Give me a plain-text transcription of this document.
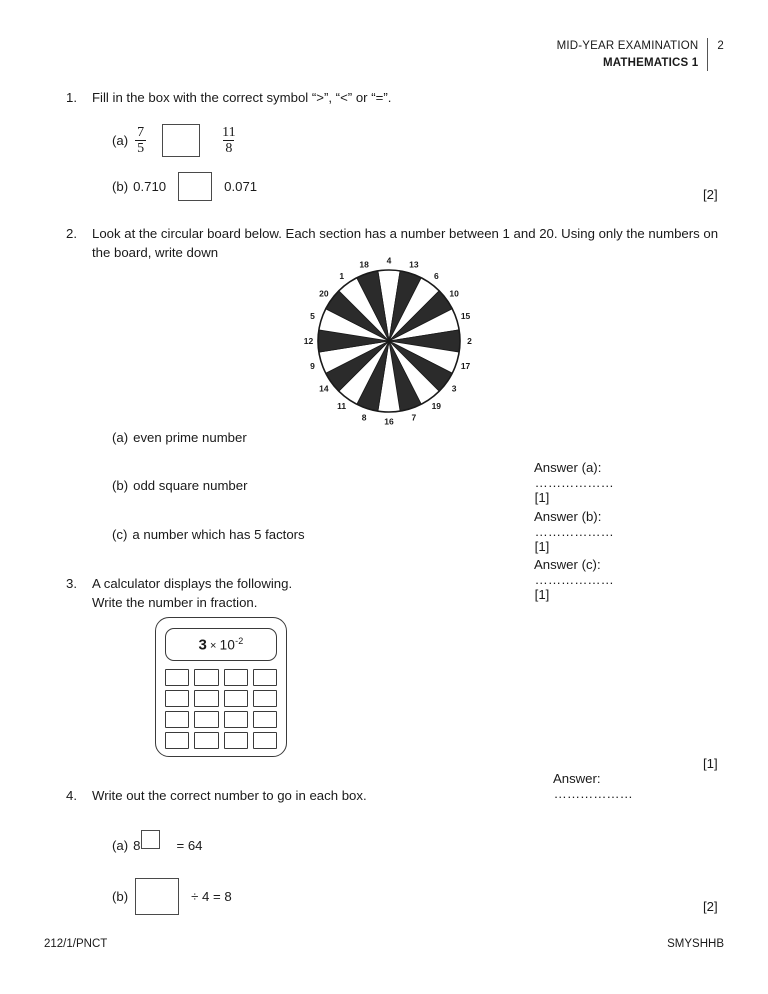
MID-YEAR EXAMINATION
MATHEMATICS 1
2
1.	Fill in the box with the correct symbol “>”, “<” or “=”.
$(a) \frac{7}{5}$	$\frac{11}{8}$
(b) 0.710	0.071
[2]
2.	Look at the circular board below. Each section has a number between 1 and 20. Using only the numbers on the board, write down
4 13
6
10
15
2
17
3
19
7
16
8
11
14
9
12
5
20
1
18
(a) even prime number

Answer (a):
………………
[1]

(b) odd square number

Answer (b):
………………
[1]

(c) a number which has 5 factors

Answer (c):
………………
[1]

3.	A calculator displays the following.
Write the number in fraction.
$3 \times 10^{-2}$

Answer:
………………

[1]
4.	Write out the correct number to go in each box.
(a) 8	= 64
(b)	÷ 4 = 8
[2]
212/1/PNCT	SMYSHHB
